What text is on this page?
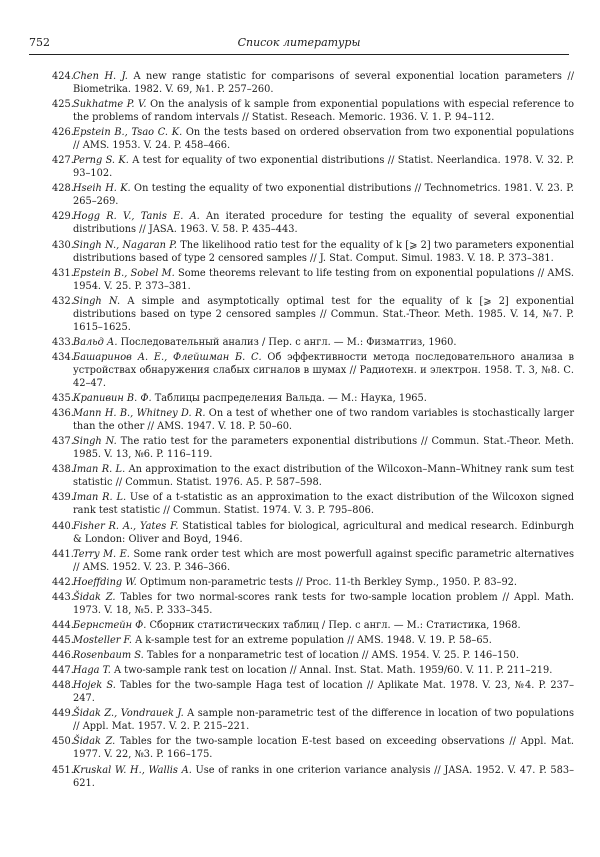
752	Список литературы
424. Chen H. J. A new range statistic for comparisons of several exponential location parameters // Biometrika. 1982. V. 69, №1. P. 257–260.
425. Sukhatme P. V. On the analysis of k sample from exponential populations with especial reference to the problems of random intervals // Statist. Reseach. Memoric. 1936. V. 1. P. 94–112.
426. Epstein B., Tsao C. K. On the tests based on ordered observation from two exponential populations // AMS. 1953. V. 24. P. 458–466.
427. Perng S. K. A test for equality of two exponential distributions // Statist. Neerlandica. 1978. V. 32. P. 93–102.
428. Hseih H. K. On testing the equality of two exponential distributions // Technometrics. 1981. V. 23. P. 265–269.
429. Hogg R. V., Tanis E. A. An iterated procedure for testing the equality of several exponential distributions // JASA. 1963. V. 58. P. 435–443.
430. Singh N., Nagaran P. The likelihood ratio test for the equality of k [⩾ 2] two parameters exponential distributions based of type 2 censored samples // J. Stat. Comput. Simul. 1983. V. 18. P. 373–381.
431. Epstein B., Sobel M. Some theorems relevant to life testing from on exponential populations // AMS. 1954. V. 25. P. 373–381.
432. Singh N. A simple and asymptotically optimal test for the equality of k [⩾ 2] exponential distributions based on type 2 censored samples // Commun. Stat.-Theor. Meth. 1985. V. 14, №7. P. 1615–1625.
433. Вальд А. Последовательный анализ / Пер. с англ. — М.: Физматгиз, 1960.
434. Башаринов А. Е., Флейшман Б. С. Об эффективности метода последовательного анализа в устройствах обнаружения слабых сигналов в шумах // Радиотехн. и электрон. 1958. Т. 3, №8. С. 42–47.
435. Крапивин В. Ф. Таблицы распределения Вальда. — М.: Наука, 1965.
436. Mann H. B., Whitney D. R. On a test of whether one of two random variables is stochastically larger than the other // AMS. 1947. V. 18. P. 50–60.
437. Singh N. The ratio test for the parameters exponential distributions // Commun. Stat.-Theor. Meth. 1985. V. 13, №6. P. 116–119.
438. Iman R. L. An approximation to the exact distribution of the Wilcoxon–Mann–Whitney rank sum test statistic // Commun. Statist. 1976. A5. P. 587–598.
439. Iman R. L. Use of a t-statistic as an approximation to the exact distribution of the Wilcoxon signed rank test statistic // Commun. Statist. 1974. V. 3. P. 795–806.
440. Fisher R. A., Yates F. Statistical tables for biological, agricultural and medical research. Edinburgh & London: Oliver and Boyd, 1946.
441. Terry M. E. Some rank order test which are most powerfull against specific parametric alternatives // AMS. 1952. V. 23. P. 346–366.
442. Hoeffding W. Optimum non-parametric tests // Proc. 11-th Berkley Symp., 1950. P. 83–92.
443. Šidak Z. Tables for two normal-scores rank tests for two-sample location problem // Appl. Math. 1973. V. 18, №5. P. 333–345.
444. Бернстейн Ф. Сборник статистических таблиц / Пер. с англ. — М.: Статистика, 1968.
445. Mosteller F. A k-sample test for an extreme population // AMS. 1948. V. 19. P. 58–65.
446. Rosenbaum S. Tables for a nonparametric test of location // AMS. 1954. V. 25. P. 146–150.
447. Haga T. A two-sample rank test on location // Annal. Inst. Stat. Math. 1959/60. V. 11. P. 211–219.
448. Hojek S. Tables for the two-sample Haga test of location // Aplikate Mat. 1978. V. 23, №4. P. 237–247.
449. Šidak Z., Vondrauek J. A sample non-parametric test of the difference in location of two populations // Appl. Mat. 1957. V. 2. P. 215–221.
450. Šidak Z. Tables for the two-sample location E-test based on exceeding observations // Appl. Mat. 1977. V. 22, №3. P. 166–175.
451. Kruskal W. H., Wallis A. Use of ranks in one criterion variance analysis // JASA. 1952. V. 47. P. 583–621.
